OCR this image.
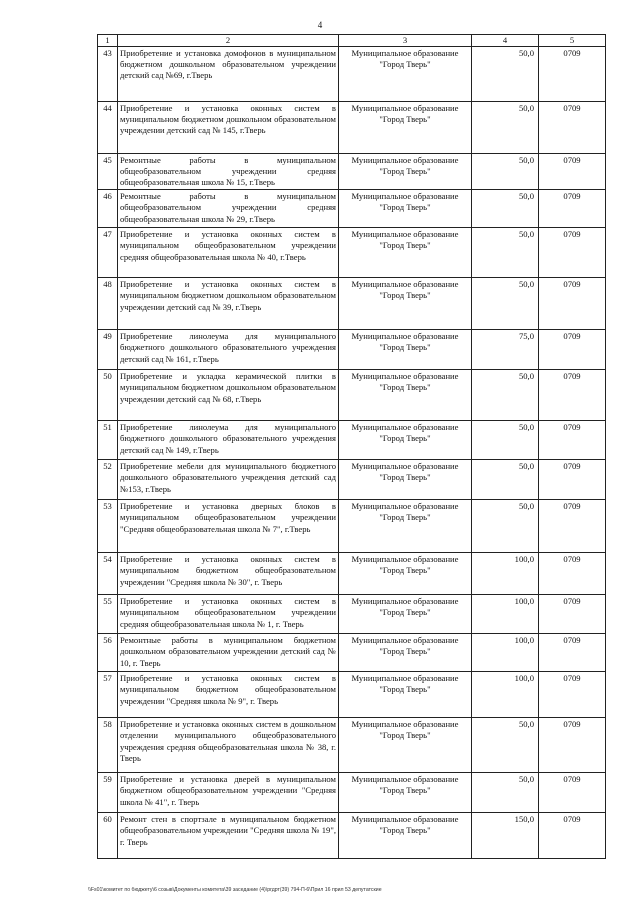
4
1	2	3	4	5
43	Приобретение и установка домофонов в муниципальном бюджетном дошкольном образовательном учреждении детский сад №69, г.Тверь	Муниципальное образование "Город Тверь"	50,0	0709
44	Приобретение и установка оконных систем в муниципальном бюджетном дошкольном образовательном учреждении детский сад № 145, г.Тверь	Муниципальное образование "Город Тверь"	50,0	0709
45	Ремонтные работы в муниципальном общеобразовательном учреждении средняя общеобразовательная школа № 15, г.Тверь	Муниципальное образование "Город Тверь"	50,0	0709
46	Ремонтные работы в муниципальном общеобразовательном учреждении средняя общеобразовательная школа № 29, г.Тверь	Муниципальное образование "Город Тверь"	50,0	0709
47	Приобретение и установка оконных систем в муниципальном общеобразовательном учреждении средняя общеобразовательная школа № 40, г.Тверь	Муниципальное образование "Город Тверь"	50,0	0709
48	Приобретение и установка оконных систем в муниципальном бюджетном дошкольном образовательном учреждении детский сад № 39, г.Тверь	Муниципальное образование "Город Тверь"	50,0	0709
49	Приобретение линолеума для муниципального бюджетного дошкольного образовательного учреждения детский сад № 161, г.Тверь	Муниципальное образование "Город Тверь"	75,0	0709
50	Приобретение и укладка керамической плитки в муниципальном бюджетном дошкольном образовательном учреждении детский сад № 68, г.Тверь	Муниципальное образование "Город Тверь"	50,0	0709
51	Приобретение линолеума для муниципального бюджетного дошкольного образовательного учреждения детский сад № 149, г.Тверь	Муниципальное образование "Город Тверь"	50,0	0709
52	Приобретение мебели для муниципального бюджетного дошкольного образовательного учреждения детский сад №153, г.Тверь	Муниципальное образование "Город Тверь"	50,0	0709
53	Приобретение и установка дверных блоков в муниципальном общеобразовательном учреждении "Средняя общеобразовательная школа № 7", г.Тверь	Муниципальное образование "Город Тверь"	50,0	0709
54	Приобретение и установка оконных систем в муниципальном бюджетном общеобразовательном учреждении "Средняя школа № 30", г. Тверь	Муниципальное образование "Город Тверь"	100,0	0709
55	Приобретение и установка оконных систем в муниципальном общеобразовательном учреждении средняя общеобразовательная школа № 1, г. Тверь	Муниципальное образование "Город Тверь"	100,0	0709
56	Ремонтные работы в муниципальном бюджетном дошкольном образовательном учреждении детский сад № 10, г. Тверь	Муниципальное образование "Город Тверь"	100,0	0709
57	Приобретение и установка оконных систем в муниципальном бюджетном общеобразовательном учреждении "Средняя школа № 9", г. Тверь	Муниципальное образование "Город Тверь"	100,0	0709
58	Приобретение и установка оконных систем в дошкольном отделении муниципального общеобразовательного учреждения средняя общеобразовательная школа № 38, г. Тверь	Муниципальное образование "Город Тверь"	50,0	0709
59	Приобретение и установка дверей в муниципальном бюджетном общеобразовательном учреждении "Средняя школа № 41", г. Тверь	Муниципальное образование "Город Тверь"	50,0	0709
60	Ремонт стен в спортзале в муниципальном бюджетном общеобразовательном учреждении "Средняя школа № 19", г. Тверь	Муниципальное образование "Город Тверь"	150,0	0709
\\Fs01\комитет по бюджету\6 созыв\Документы комитета\39 заседание (4)\ргдрт(39) 794-П-6\Прил 16 прил 53 депутатские
